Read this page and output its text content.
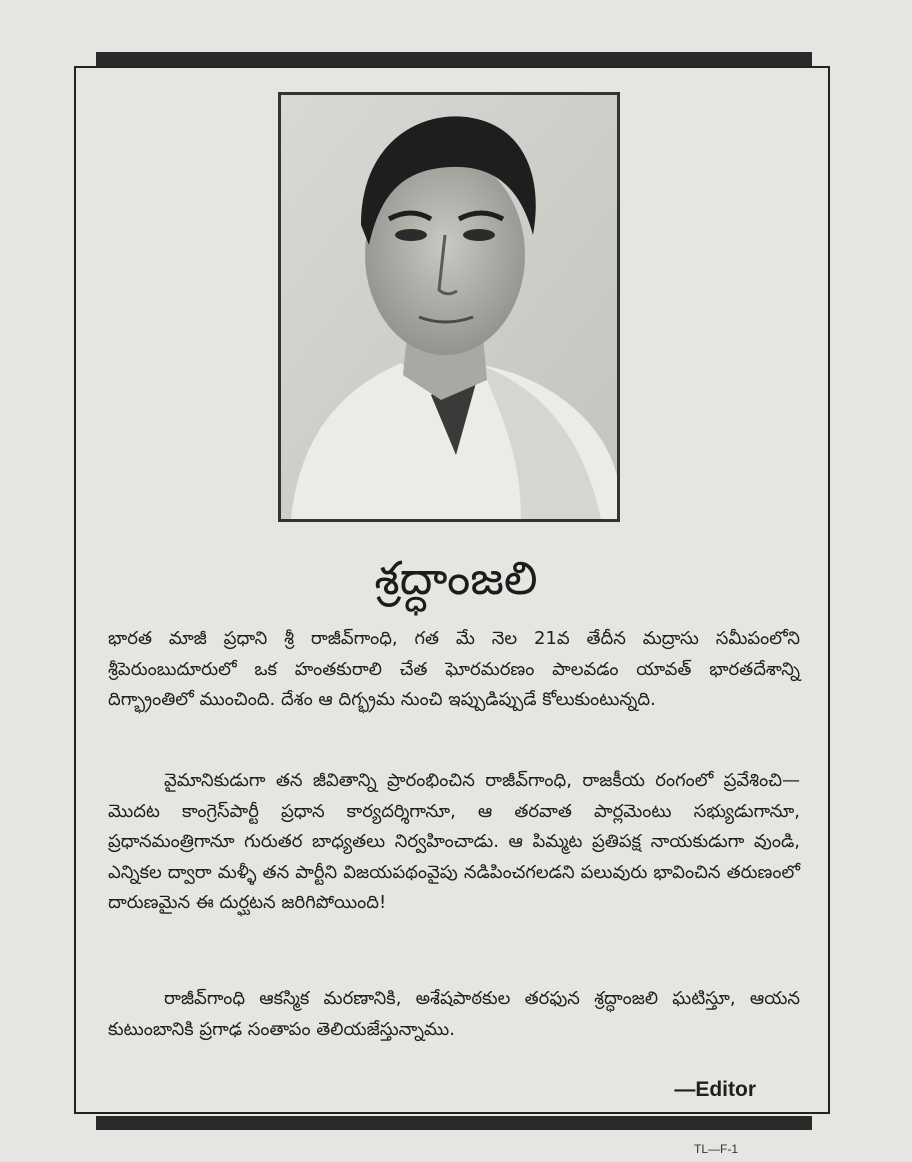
శ్రద్ధాంజలి

భారత మాజీ ప్రధాని శ్రీ రాజీవ్‌గాంధి, గత మే నెల 21వ తేదీన మద్రాసు సమీపంలోని శ్రీపెరుంబుదూరులో ఒక హంతకురాలి చేత ఘోరమరణం పాలవడం యావత్ భారతదేశాన్ని దిగ్భ్రాంతిలో ముంచింది. దేశం ఆ దిగ్భ్రమ నుంచి ఇప్పుడిప్పుడే కోలుకుంటున్నది.

వైమానికుడుగా తన జీవితాన్ని ప్రారంభించిన రాజీవ్‌గాంధి, రాజకీయ రంగంలో ప్రవేశించి—మొదట కాంగ్రెస్‌పార్టీ ప్రధాన కార్యదర్శిగానూ, ఆ తరవాత పార్లమెంటు సభ్యుడుగానూ, ప్రధానమంత్రిగానూ గురుతర బాధ్యతలు నిర్వహించాడు. ఆ పిమ్మట ప్రతిపక్ష నాయకుడుగా వుండి, ఎన్నికల ద్వారా మళ్ళీ తన పార్టీని విజయపథంవైపు నడిపించగలడని పలువురు భావించిన తరుణంలో దారుణమైన ఈ దుర్ఘటన జరిగిపోయింది!

రాజీవ్‌గాంధి ఆకస్మిక మరణానికి, అశేషపాఠకుల తరఫున శ్రద్ధాంజలి ఘటిస్తూ, ఆయన కుటుంబానికి ప్రగాఢ సంతాపం తెలియజేస్తున్నాము.

—Editor
TL—F-1
